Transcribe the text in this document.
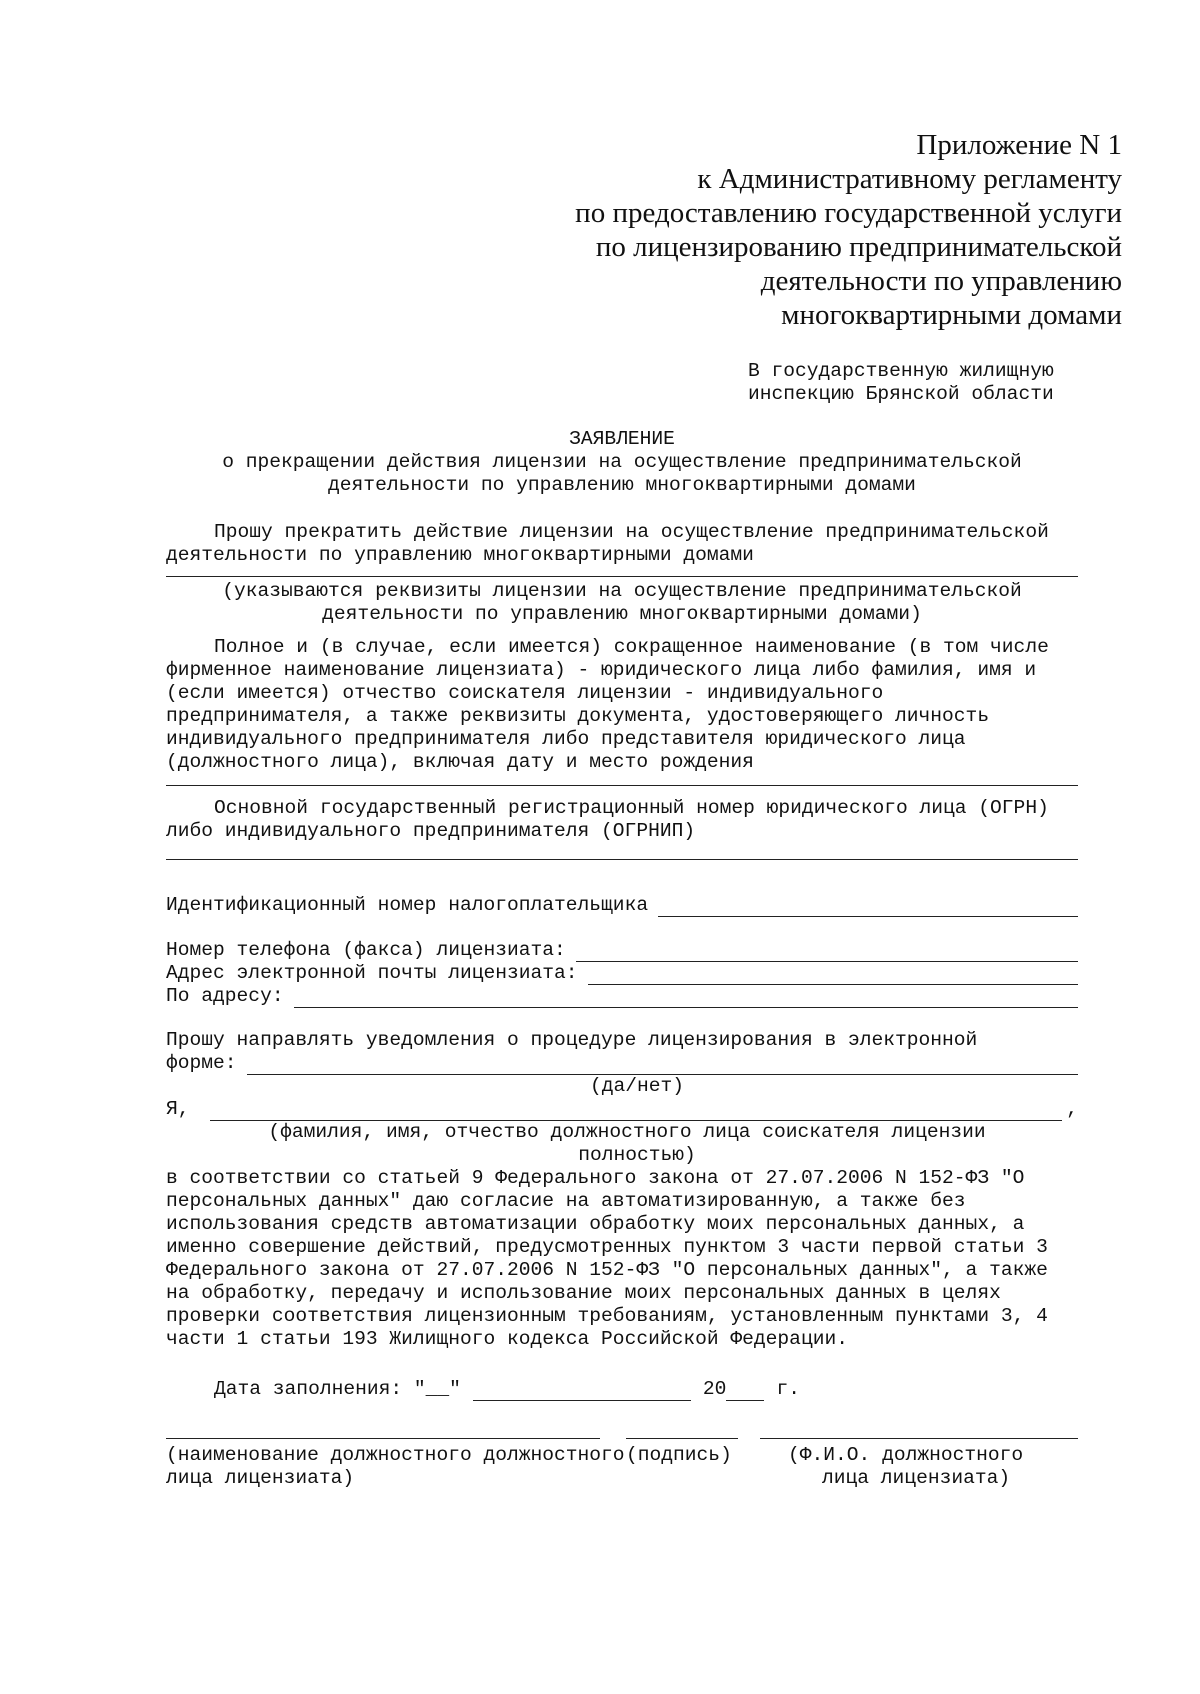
Приложение N 1
к Административному регламенту
по предоставлению государственной услуги
по лицензированию предпринимательской
деятельности по управлению
многоквартирными домами
В государственную жилищную
инспекцию Брянской области
ЗАЯВЛЕНИЕ
о прекращении действия лицензии на осуществление предпринимательской
деятельности по управлению многоквартирными домами
Прошу прекратить действие лицензии на осуществление предпринимательской
деятельности по управлению многоквартирными домами
(указываются реквизиты лицензии на осуществление предпринимательской
деятельности по управлению многоквартирными домами)
Полное и (в случае, если имеется) сокращенное наименование (в том числе
фирменное наименование лицензиата) - юридического лица либо фамилия, имя и
(если имеется) отчество соискателя лицензии - индивидуального
предпринимателя, а также реквизиты документа, удостоверяющего личность
индивидуального предпринимателя либо представителя юридического лица
(должностного лица), включая дату и место рождения
Основной государственный регистрационный номер юридического лица (ОГРН)
либо индивидуального предпринимателя (ОГРНИП)
Идентификационный номер налогоплательщика
Номер телефона (факса) лицензиата:
Адрес электронной почты лицензиата:
По адресу:
Прошу направлять уведомления о процедуре лицензирования в электронной
форме:
(да/нет)
Я,	,
(фамилия, имя, отчество должностного лица соискателя лицензии
полностью)
в соответствии со статьей 9 Федерального закона от 27.07.2006 N 152-ФЗ "О
персональных данных" даю согласие на автоматизированную, а также без
использования средств автоматизации обработку моих персональных данных, а
именно совершение действий, предусмотренных пунктом 3 части первой статьи 3
Федерального закона от 27.07.2006 N 152-ФЗ "О персональных данных", а также
на обработку, передачу и использование моих персональных данных в целях
проверки соответствия лицензионным требованиям, установленным пунктами 3, 4
части 1 статьи 193 Жилищного кодекса Российской Федерации.
Дата заполнения: "__"	20	г.
(наименование должностного должностного
лица лицензиата)
(подпись)	(Ф.И.О. должностного
лица лицензиата)
